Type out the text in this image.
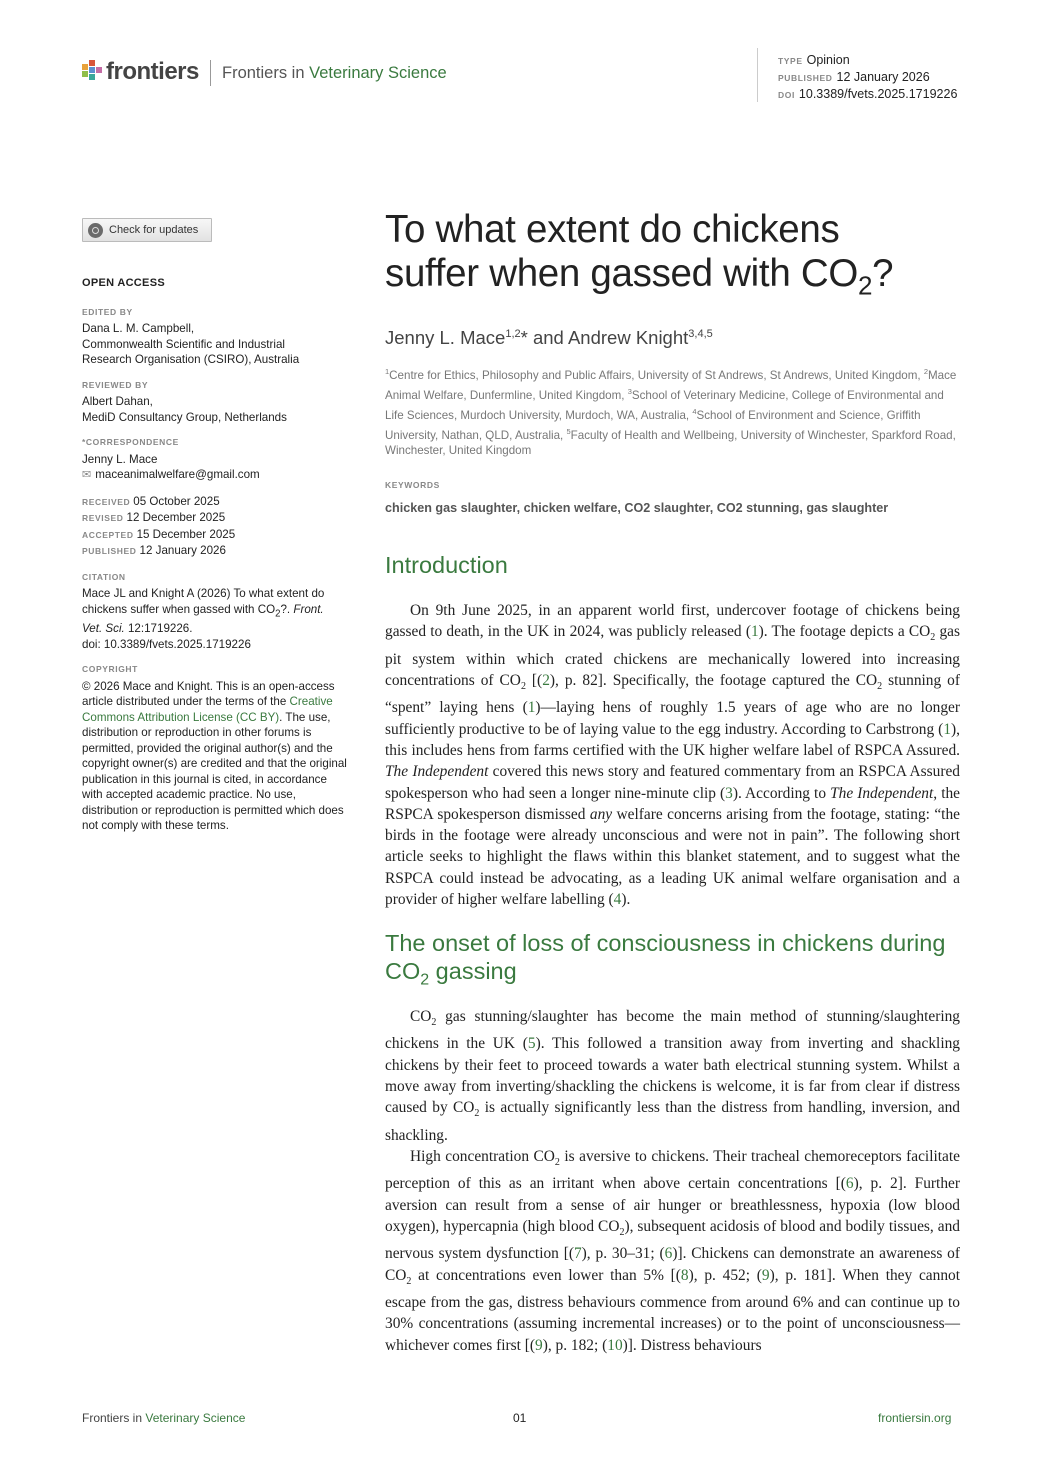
frontiers Frontiers in Veterinary Science
TYPE Opinion
PUBLISHED 12 January 2026
DOI 10.3389/fvets.2025.1719226
Check for updates
OPEN ACCESS
EDITED BY
Dana L. M. Campbell,
Commonwealth Scientific and Industrial
Research Organisation (CSIRO), Australia
REVIEWED BY
Albert Dahan,
MediD Consultancy Group, Netherlands
*CORRESPONDENCE
Jenny L. Mace
✉ maceanimalwelfare@gmail.com
RECEIVED 05 October 2025
REVISED 12 December 2025
ACCEPTED 15 December 2025
PUBLISHED 12 January 2026
CITATION
Mace JL and Knight A (2026) To what extent do chickens suffer when gassed with $CO_2$?. Front. Vet. Sci. 12:1719226.
doi: 10.3389/fvets.2025.1719226
COPYRIGHT
© 2026 Mace and Knight. This is an open-access article distributed under the terms of the Creative Commons Attribution License (CC BY). The use, distribution or reproduction in other forums is permitted, provided the original author(s) and the copyright owner(s) are credited and that the original publication in this journal is cited, in accordance with accepted academic practice. No use, distribution or reproduction is permitted which does not comply with these terms.
To what extent do chickens
suffer when gassed with $CO_2$?
Jenny L. Mace$^{1,2}$* and Andrew Knight$^{3,4,5}$
$^1$Centre for Ethics, Philosophy and Public Affairs, University of St Andrews, St Andrews, United Kingdom, $^2$Mace Animal Welfare, Dunfermline, United Kingdom, $^3$School of Veterinary Medicine, College of Environmental and Life Sciences, Murdoch University, Murdoch, WA, Australia, $^4$School of Environment and Science, Griffith University, Nathan, QLD, Australia, $^5$Faculty of Health and Wellbeing, University of Winchester, Sparkford Road, Winchester, United Kingdom
KEYWORDS
chicken gas slaughter, chicken welfare, CO2 slaughter, CO2 stunning, gas slaughter
Introduction

On 9th June 2025, in an apparent world first, undercover footage of chickens being gassed to death, in the UK in 2024, was publicly released (1). The footage depicts a $CO_2$ gas pit system within which crated chickens are mechanically lowered into increasing concentrations of $CO_2$ [(2), p. 82]. Specifically, the footage captured the $CO_2$ stunning of “spent” laying hens (1)—laying hens of roughly 1.5 years of age who are no longer sufficiently productive to be of laying value to the egg industry. According to Carbstrong (1), this includes hens from farms certified with the UK higher welfare label of RSPCA Assured. The Independent covered this news story and featured commentary from an RSPCA Assured spokesperson who had seen a longer nine-minute clip (3). According to The Independent, the RSPCA spokesperson dismissed any welfare concerns arising from the footage, stating: “the birds in the footage were already unconscious and were not in pain”. The following short article seeks to highlight the flaws within this blanket statement, and to suggest what the RSPCA could instead be advocating, as a leading UK animal welfare organisation and a provider of higher welfare labelling (4).

The onset of loss of consciousness in chickens during $CO_2$ gassing

$CO_2$ gas stunning/slaughter has become the main method of stunning/slaughtering chickens in the UK (5). This followed a transition away from inverting and shackling chickens by their feet to proceed towards a water bath electrical stunning system. Whilst a move away from inverting/shackling the chickens is welcome, it is far from clear if distress caused by $CO_2$ is actually significantly less than the distress from handling, inversion, and shackling.

High concentration $CO_2$ is aversive to chickens. Their tracheal chemoreceptors facilitate perception of this as an irritant when above certain concentrations [(6), p. 2]. Further aversion can result from a sense of air hunger or breathlessness, hypoxia (low blood oxygen), hypercapnia (high blood $CO_2$), subsequent acidosis of blood and bodily tissues, and nervous system dysfunction [(7), p. 30–31; (6)]. Chickens can demonstrate an awareness of $CO_2$ at concentrations even lower than 5% [(8), p. 452; (9), p. 181]. When they cannot escape from the gas, distress behaviours commence from around 6% and can continue up to 30% concentrations (assuming incremental increases) or to the point of unconsciousness—whichever comes first [(9), p. 182; (10)]. Distress behaviours

Frontiers in Veterinary Science	01	frontiersin.org
